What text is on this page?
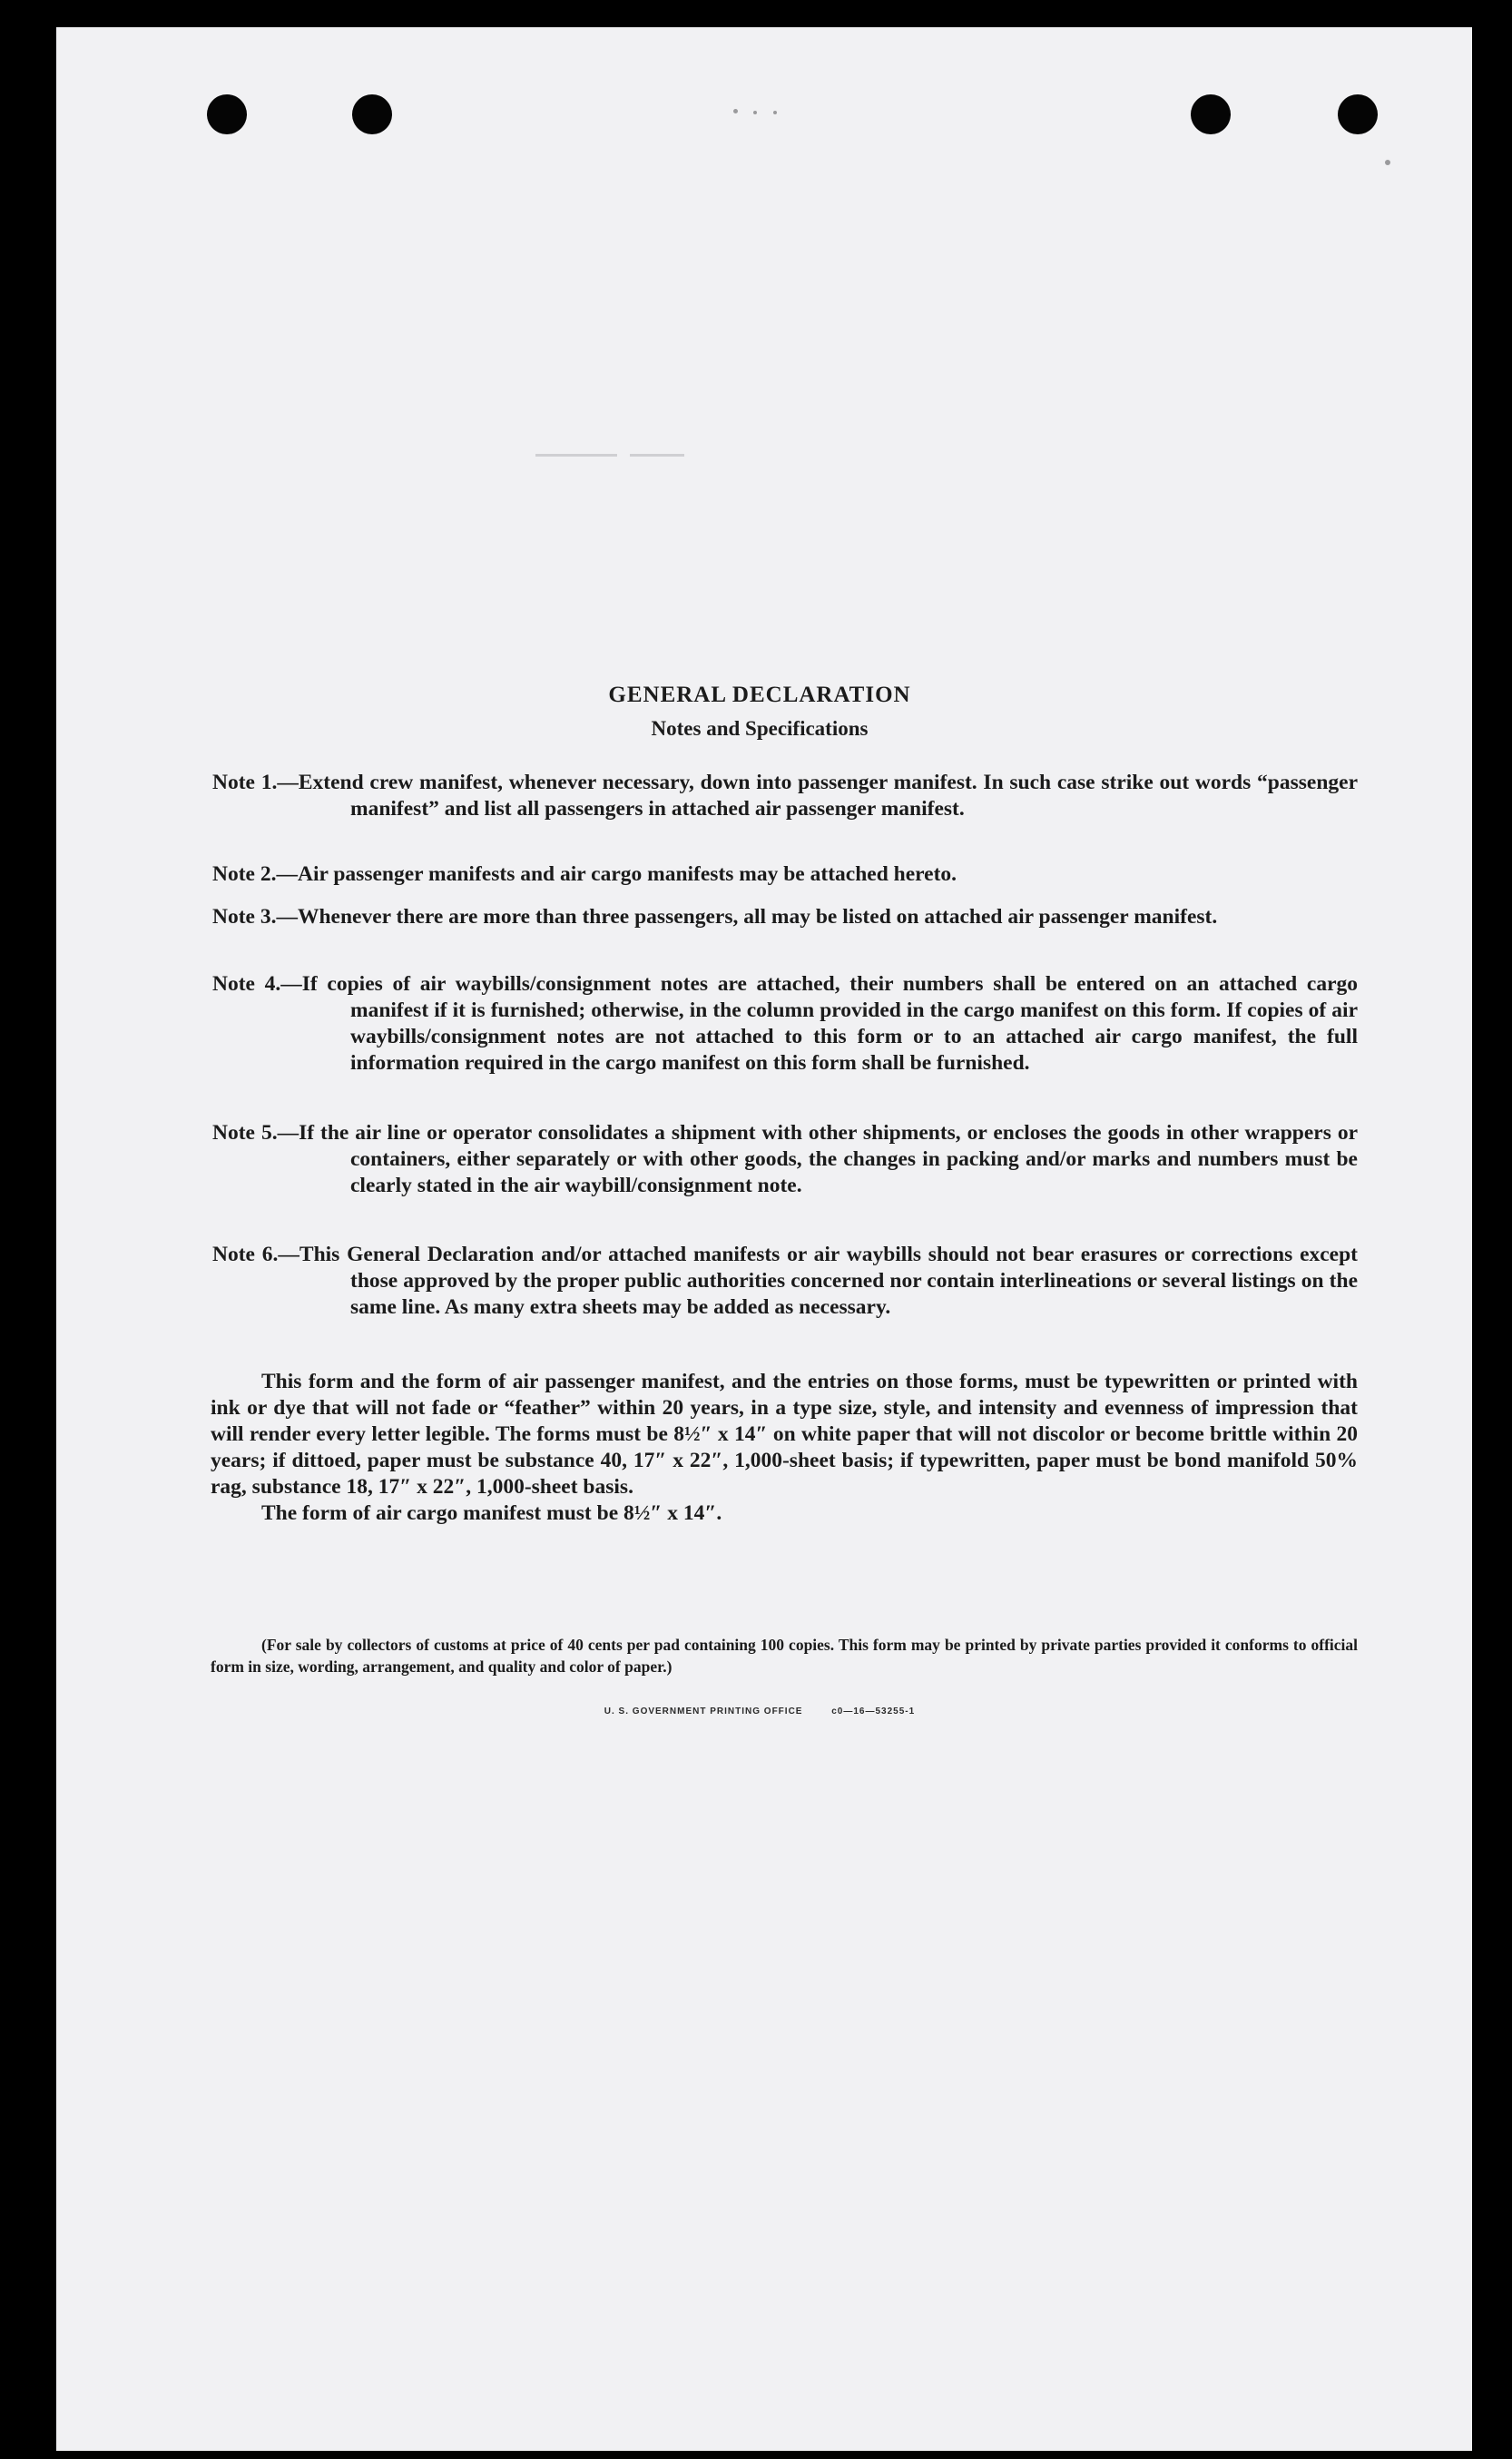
GENERAL DECLARATION
Notes and Specifications
Note 1.—Extend crew manifest, whenever necessary, down into passenger manifest. In such case strike out words “passenger manifest” and list all passengers in attached air passenger manifest.
Note 2.—Air passenger manifests and air cargo manifests may be attached hereto.
Note 3.—Whenever there are more than three passengers, all may be listed on attached air passenger manifest.
Note 4.—If copies of air waybills/consignment notes are attached, their numbers shall be entered on an attached cargo manifest if it is furnished; otherwise, in the column provided in the cargo manifest on this form. If copies of air waybills/consignment notes are not attached to this form or to an attached air cargo manifest, the full information required in the cargo manifest on this form shall be furnished.
Note 5.—If the air line or operator consolidates a shipment with other shipments, or encloses the goods in other wrappers or containers, either separately or with other goods, the changes in packing and/or marks and numbers must be clearly stated in the air waybill/consignment note.
Note 6.—This General Declaration and/or attached manifests or air waybills should not bear erasures or corrections except those approved by the proper public authorities concerned nor contain interlineations or several listings on the same line. As many extra sheets may be added as necessary.

This form and the form of air passenger manifest, and the entries on those forms, must be typewritten or printed with ink or dye that will not fade or “feather” within 20 years, in a type size, style, and intensity and evenness of impression that will render every letter legible. The forms must be 8½″ x 14″ on white paper that will not discolor or become brittle within 20 years; if dittoed, paper must be substance 40, 17″ x 22″, 1,000-sheet basis; if typewritten, paper must be bond manifold 50% rag, substance 18, 17″ x 22″, 1,000-sheet basis.

The form of air cargo manifest must be 8½″ x 14″.

(For sale by collectors of customs at price of 40 cents per pad containing 100 copies. This form may be printed by private parties provided it conforms to official form in size, wording, arrangement, and quality and color of paper.)

U. S. GOVERNMENT PRINTING OFFICE	c0—16—53255-1
